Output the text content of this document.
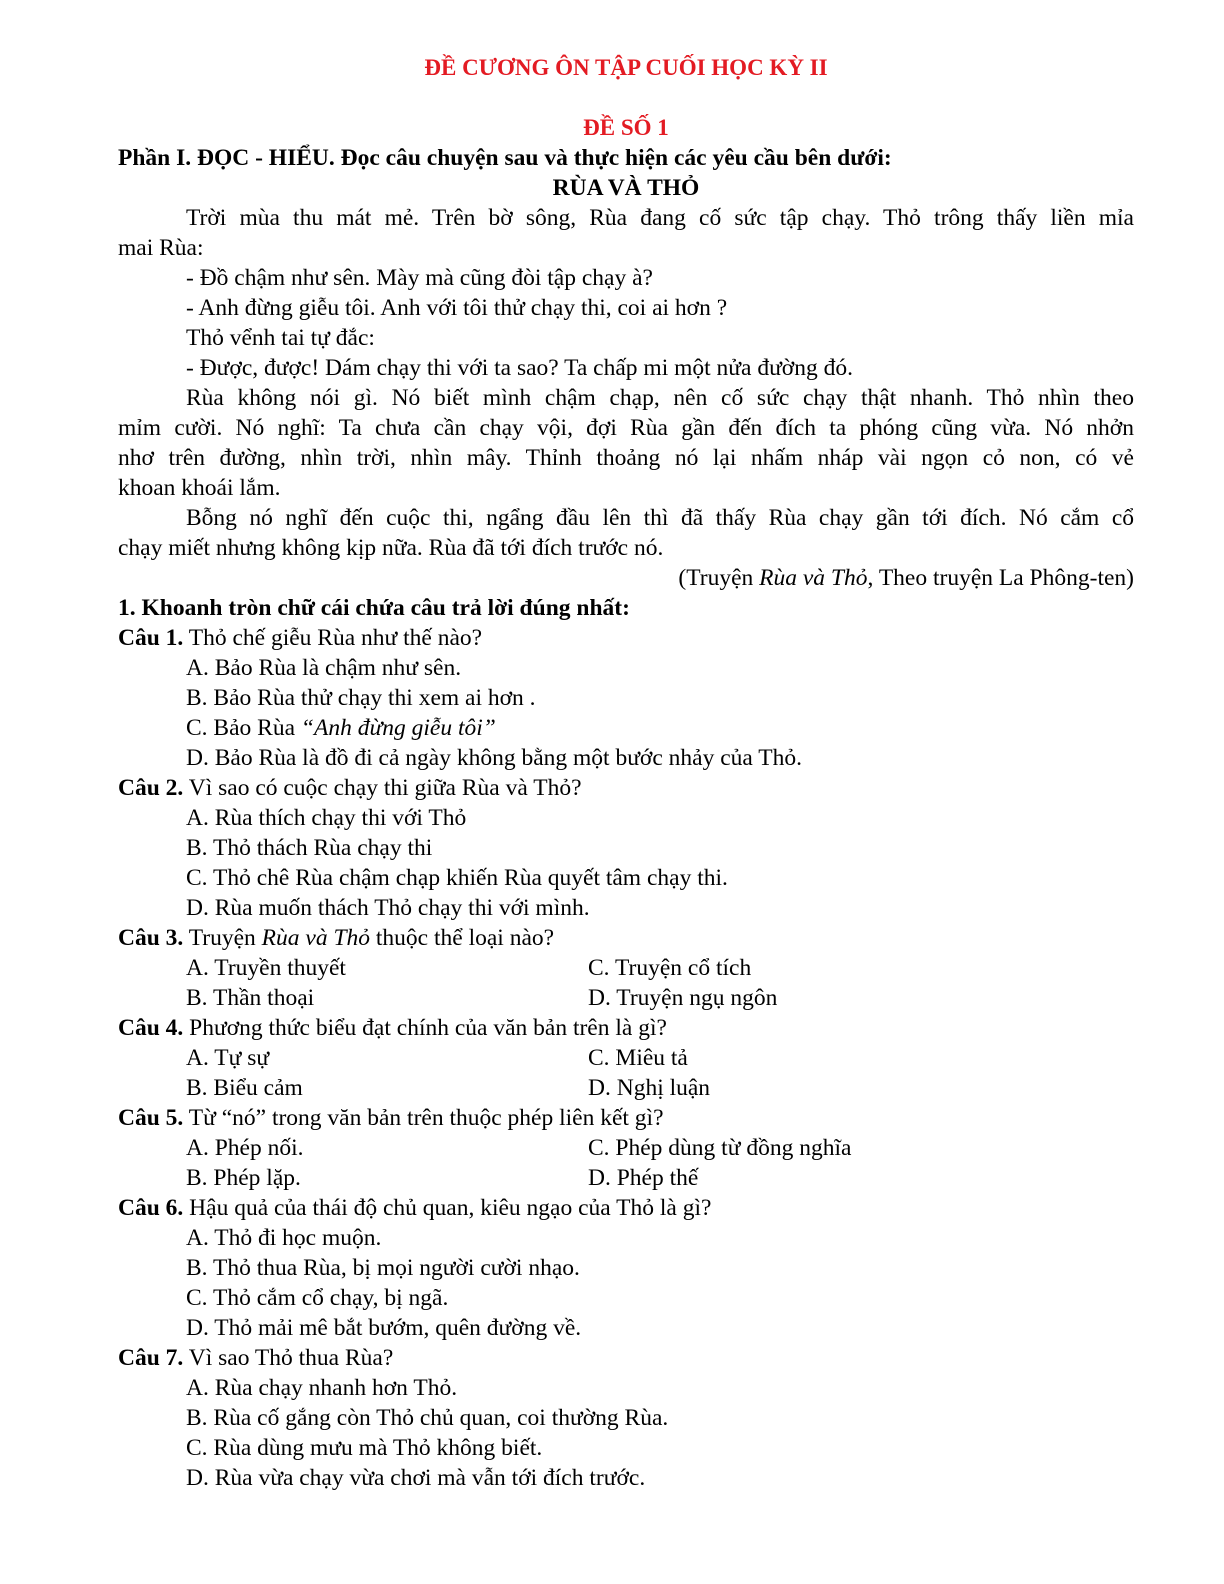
ĐỀ CƯƠNG ÔN TẬP CUỐI HỌC KỲ II
ĐỀ SỐ 1
Phần I. ĐỌC - HIỂU. Đọc câu chuyện sau và thực hiện các yêu cầu bên dưới:
RÙA VÀ THỎ
Trời mùa thu mát mẻ. Trên bờ sông, Rùa đang cố sức tập chạy. Thỏ trông thấy liền mỉa
mai Rùa:
- Đồ chậm như sên. Mày mà cũng đòi tập chạy à?
- Anh đừng giễu tôi. Anh với tôi thử chạy thi, coi ai hơn ?
Thỏ vểnh tai tự đắc:
- Được, được! Dám chạy thi với ta sao? Ta chấp mi một nửa đường đó.
Rùa không nói gì. Nó biết mình chậm chạp, nên cố sức chạy thật nhanh. Thỏ nhìn theo
mỉm cười. Nó nghĩ: Ta chưa cần chạy vội, đợi Rùa gần đến đích ta phóng cũng vừa. Nó nhởn
nhơ trên đường, nhìn trời, nhìn mây. Thỉnh thoảng nó lại nhấm nháp vài ngọn cỏ non, có vẻ
khoan khoái lắm.
Bỗng nó nghĩ đến cuộc thi, ngẩng đầu lên thì đã thấy Rùa chạy gần tới đích. Nó cắm cổ
chạy miết nhưng không kịp nữa. Rùa đã tới đích trước nó.
(Truyện Rùa và Thỏ, Theo truyện La Phông-ten)
1. Khoanh tròn chữ cái chứa câu trả lời đúng nhất:
Câu 1. Thỏ chế giễu Rùa như thế nào?
A. Bảo Rùa là chậm như sên.
B. Bảo Rùa thử chạy thi xem ai hơn .
C. Bảo Rùa “Anh đừng giễu tôi”
D. Bảo Rùa là đồ đi cả ngày không bằng một bước nhảy của Thỏ.
Câu 2. Vì sao có cuộc chạy thi giữa Rùa và Thỏ?
A. Rùa thích chạy thi với Thỏ
B. Thỏ thách Rùa chạy thi
C. Thỏ chê Rùa chậm chạp khiến Rùa quyết tâm chạy thi.
D. Rùa muốn thách Thỏ chạy thi với mình.
Câu 3. Truyện Rùa và Thỏ thuộc thể loại nào?
A. Truyền thuyết	C. Truyện cổ tích
B. Thần thoại	D. Truyện ngụ ngôn
Câu 4. Phương thức biểu đạt chính của văn bản trên là gì?
A. Tự sự	C. Miêu tả
B. Biểu cảm	D. Nghị luận
Câu 5. Từ “nó” trong văn bản trên thuộc phép liên kết gì?
A. Phép nối.	C. Phép dùng từ đồng nghĩa
B. Phép lặp.	D. Phép thế
Câu 6. Hậu quả của thái độ chủ quan, kiêu ngạo của Thỏ là gì?
A. Thỏ đi học muộn.
B. Thỏ thua Rùa, bị mọi người cười nhạo.
C. Thỏ cắm cổ chạy, bị ngã.
D. Thỏ mải mê bắt bướm, quên đường về.
Câu 7. Vì sao Thỏ thua Rùa?
A. Rùa chạy nhanh hơn Thỏ.
B. Rùa cố gắng còn Thỏ chủ quan, coi thường Rùa.
C. Rùa dùng mưu mà Thỏ không biết.
D. Rùa vừa chạy vừa chơi mà vẫn tới đích trước.
